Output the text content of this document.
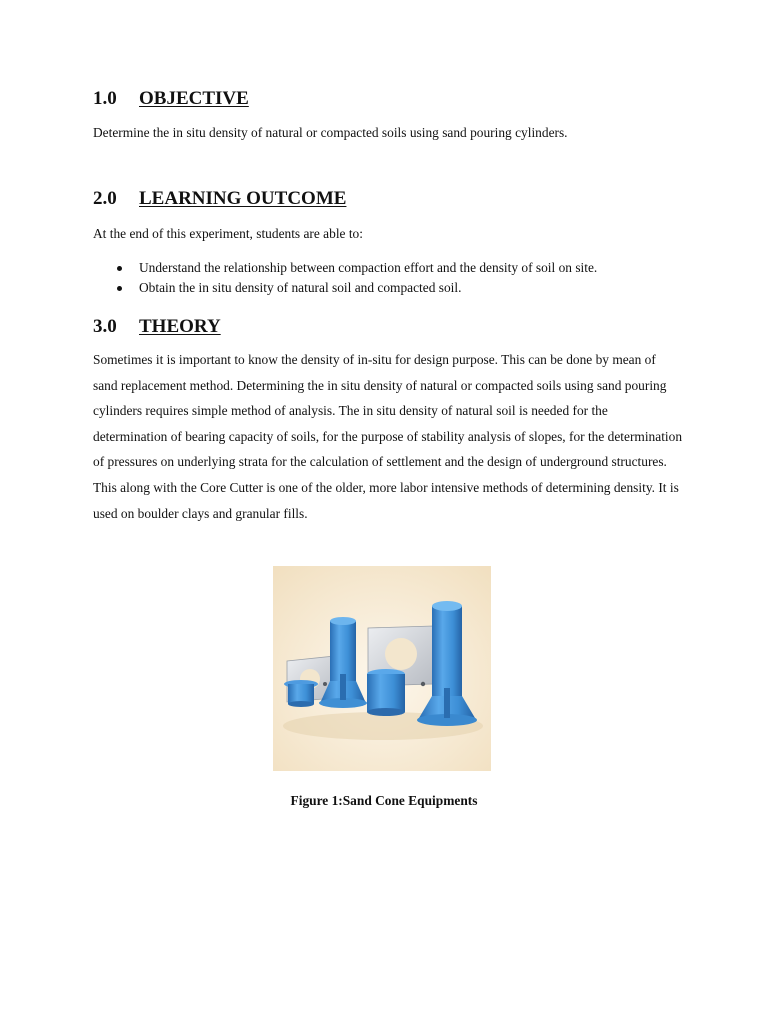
1.0 OBJECTIVE
Determine the in situ density of natural or compacted soils using sand pouring cylinders.
2.0 LEARNING OUTCOME
At the end of this experiment, students are able to:
Understand the relationship between compaction effort and the density of soil on site.
Obtain the in situ density of natural soil and compacted soil.
3.0 THEORY
Sometimes it is important to know the density of in-situ for design purpose. This can be done by mean of sand replacement method. Determining the in situ density of natural or compacted soils using sand pouring cylinders requires simple method of analysis. The in situ density of natural soil is needed for the determination of bearing capacity of soils, for the purpose of stability analysis of slopes, for the determination of pressures on underlying strata for the calculation of settlement and the design of underground structures. This along with the Core Cutter is one of the older, more labor intensive methods of determining density. It is used on boulder clays and granular fills.
Figure 1:Sand Cone Equipments
